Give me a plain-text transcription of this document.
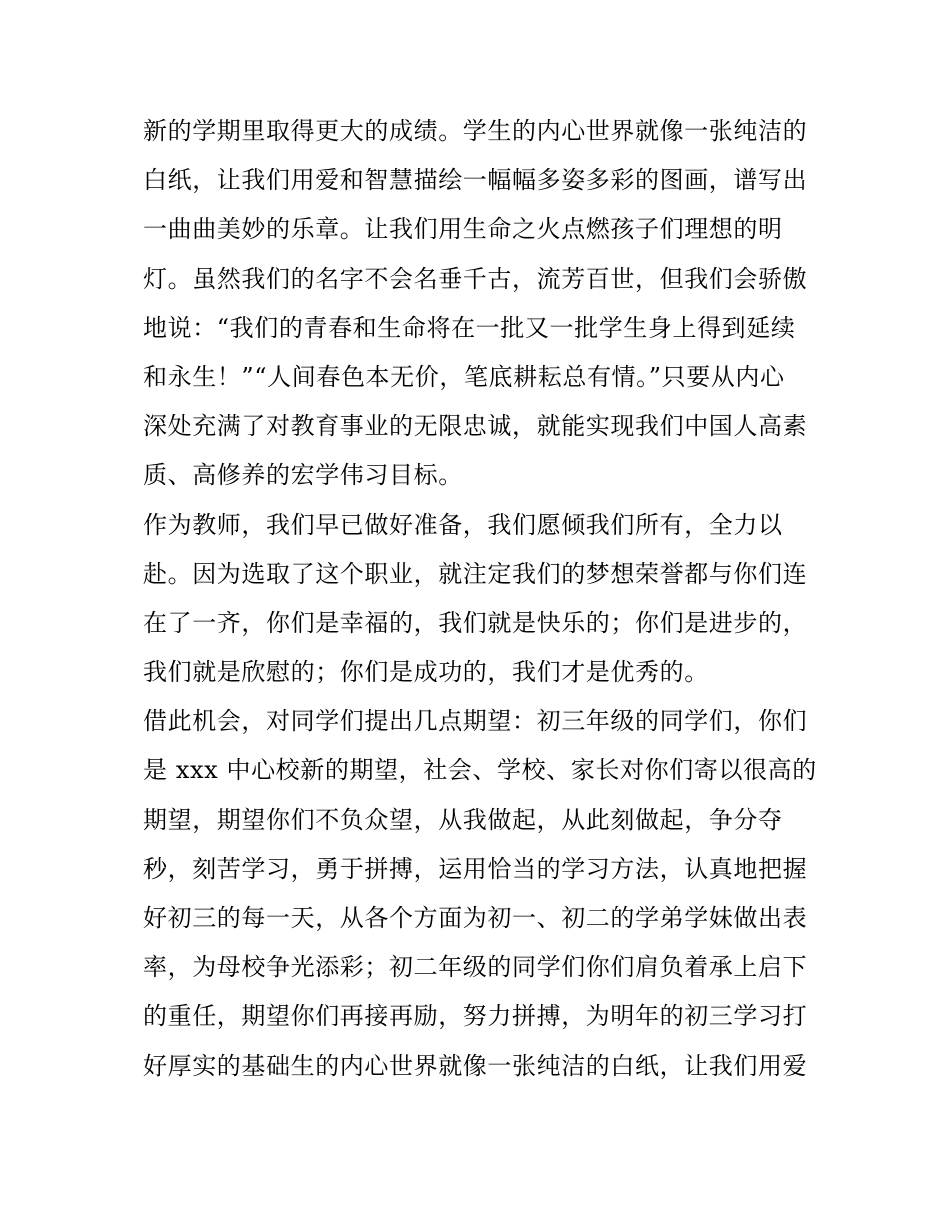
新的学期里取得更大的成绩。学生的内心世界就像一张纯洁的
白纸，让我们用爱和智慧描绘一幅幅多姿多彩的图画，谱写出
一曲曲美妙的乐章。让我们用生命之火点燃孩子们理想的明
灯。虽然我们的名字不会名垂千古，流芳百世，但我们会骄傲
地说：“我们的青春和生命将在一批又一批学生身上得到延续
和永生！”“人间春色本无价，笔底耕耘总有情。”只要从内心
深处充满了对教育事业的无限忠诚，就能实现我们中国人高素
质、高修养的宏学伟习目标。
作为教师，我们早已做好准备，我们愿倾我们所有，全力以
赴。因为选取了这个职业，就注定我们的梦想荣誉都与你们连
在了一齐，你们是幸福的，我们就是快乐的；你们是进步的，
我们就是欣慰的；你们是成功的，我们才是优秀的。
借此机会，对同学们提出几点期望：初三年级的同学们，你们
是 xxx 中心校新的期望，社会、学校、家长对你们寄以很高的
期望，期望你们不负众望，从我做起，从此刻做起，争分夺
秒，刻苦学习，勇于拼搏，运用恰当的学习方法，认真地把握
好初三的每一天，从各个方面为初一、初二的学弟学妹做出表
率，为母校争光添彩；初二年级的同学们你们肩负着承上启下
的重任，期望你们再接再励，努力拼搏，为明年的初三学习打
好厚实的基础生的内心世界就像一张纯洁的白纸，让我们用爱
